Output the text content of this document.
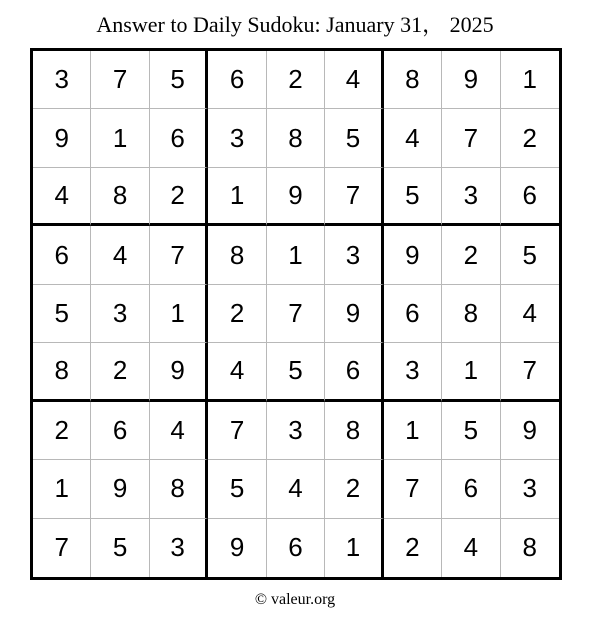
Answer to Daily Sudoku: January 31， 2025
3	7	5	6	2	4	8	9	1
9	1	6	3	8	5	4	7	2
4	8	2	1	9	7	5	3	6
6	4	7	8	1	3	9	2	5
5	3	1	2	7	9	6	8	4
8	2	9	4	5	6	3	1	7
2	6	4	7	3	8	1	5	9
1	9	8	5	4	2	7	6	3
7	5	3	9	6	1	2	4	8
© valeur.org
